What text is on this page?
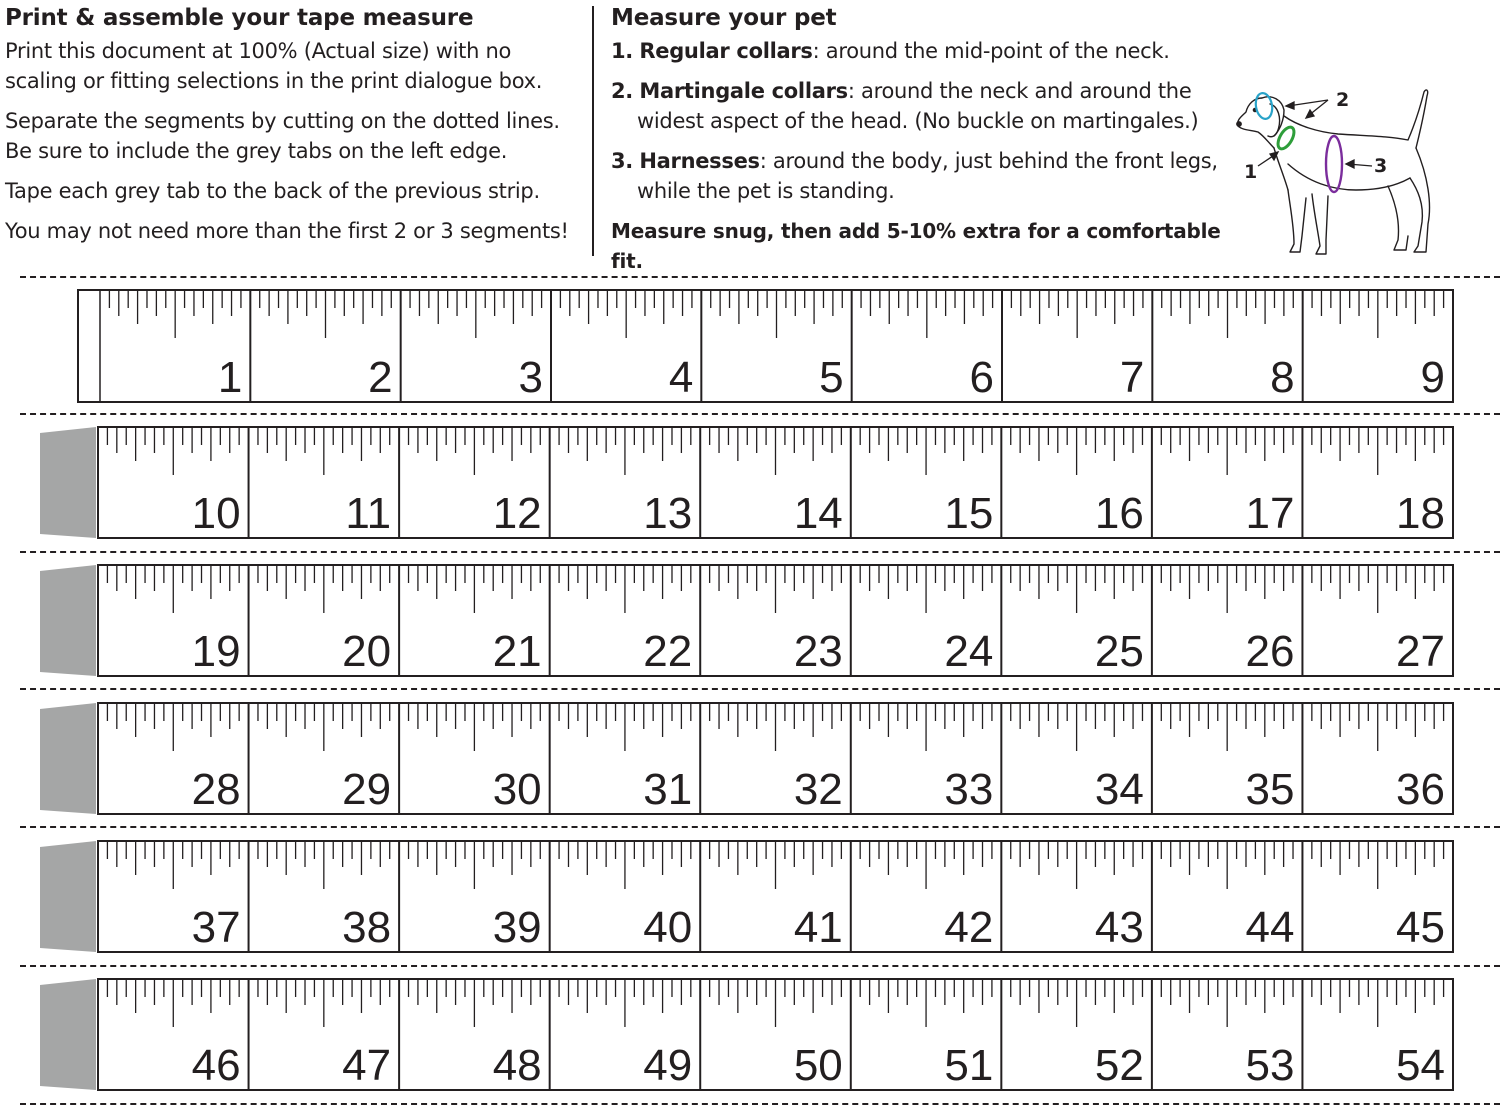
Print & assemble your tape measure

Print this document at 100% (Actual size) with no scaling or fitting selections in the print dialogue box.

Separate the segments by cutting on the dotted lines.
Be sure to include the grey tabs on the left edge.

Tape each grey tab to the back of the previous strip.

You may not need more than the first 2 or 3 segments!

Measure your pet
1. Regular collars: around the mid-point of the neck.
2. Martingale collars: around the neck and around the
widest aspect of the head. (No buckle on martingales.)
3. Harnesses: around the body, just behind the front legs,
while the pet is standing.
Measure snug, then add 5-10% extra for a comfortable fit.
2
1	3
1	2	3	4	5	6	7	8	9
10	11	12	13	14	15	16	17	18
19	20	21	22	23	24	25	26	27
28	29	30	31	32	33	34	35	36
37	38	39	40	41	42	43	44	45
46	47	48	49	50	51	52	53	54
